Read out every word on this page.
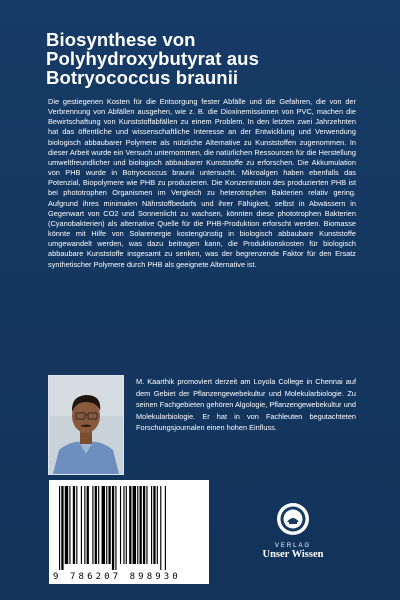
Biosynthese von
Polyhydroxybutyrat aus
Botryococcus braunii
Die gestiegenen Kosten für die Entsorgung fester Abfälle und die Gefahren, die von der Verbrennung von Abfällen ausgehen, wie z. B. die Dioxinemissionen von PVC, machen die Bewirtschaftung von Kunststoffabfällen zu einem Problem. In den letzten zwei Jahrzehnten hat das öffentliche und wissenschaftliche Interesse an der Entwicklung und Verwendung biologisch abbaubarer Polymere als nützliche Alternative zu Kunststoffen zugenommen. In dieser Arbeit wurde ein Versuch unternommen, die natürlichen Ressourcen für die Herstellung umweltfreundlicher und biologisch abbaubarer Kunststoffe zu erforschen. Die Akkumulation von PHB wurde in Botryococcus braunii untersucht. Mikroalgen haben ebenfalls das Potenzial, Biopolymere wie PHB zu produzieren. Die Konzentration des produzierten PHB ist bei phototrophen Organismen im Vergleich zu heterotrophen Bakterien relativ gering. Aufgrund ihres minimalen Nährstoffbedarfs und ihrer Fähigkeit, selbst in Abwässern in Gegenwart von CO2 und Sonnenlicht zu wachsen, könnten diese phototrophen Bakterien (Cyanobakterien) als alternative Quelle für die PHB-Produktion erforscht werden. Biomasse könnte mit Hilfe von Solarenergie kostengünstig in biologisch abbaubare Kunststoffe umgewandelt werden, was dazu beitragen kann, die Produktionskosten für biologisch abbaubare Kunststoffe insgesamt zu senken, was der begrenzende Faktor für den Ersatz synthetischer Polymere durch PHB als geeignete Alternative ist.
M. Kaarthik promoviert derzeit am Loyola College in Chennai auf dem Gebiet der Pflanzengewebekultur und Molekularbiologie. Zu seinen Fachgebieten gehören Algologie, Pflanzengewebekultur und Molekularbiologie. Er hat in von Fachleuten begutachteten Forschungsjournalen einen hohen Einfluss.
9 786207 898930
VERLAG
Unser Wissen
